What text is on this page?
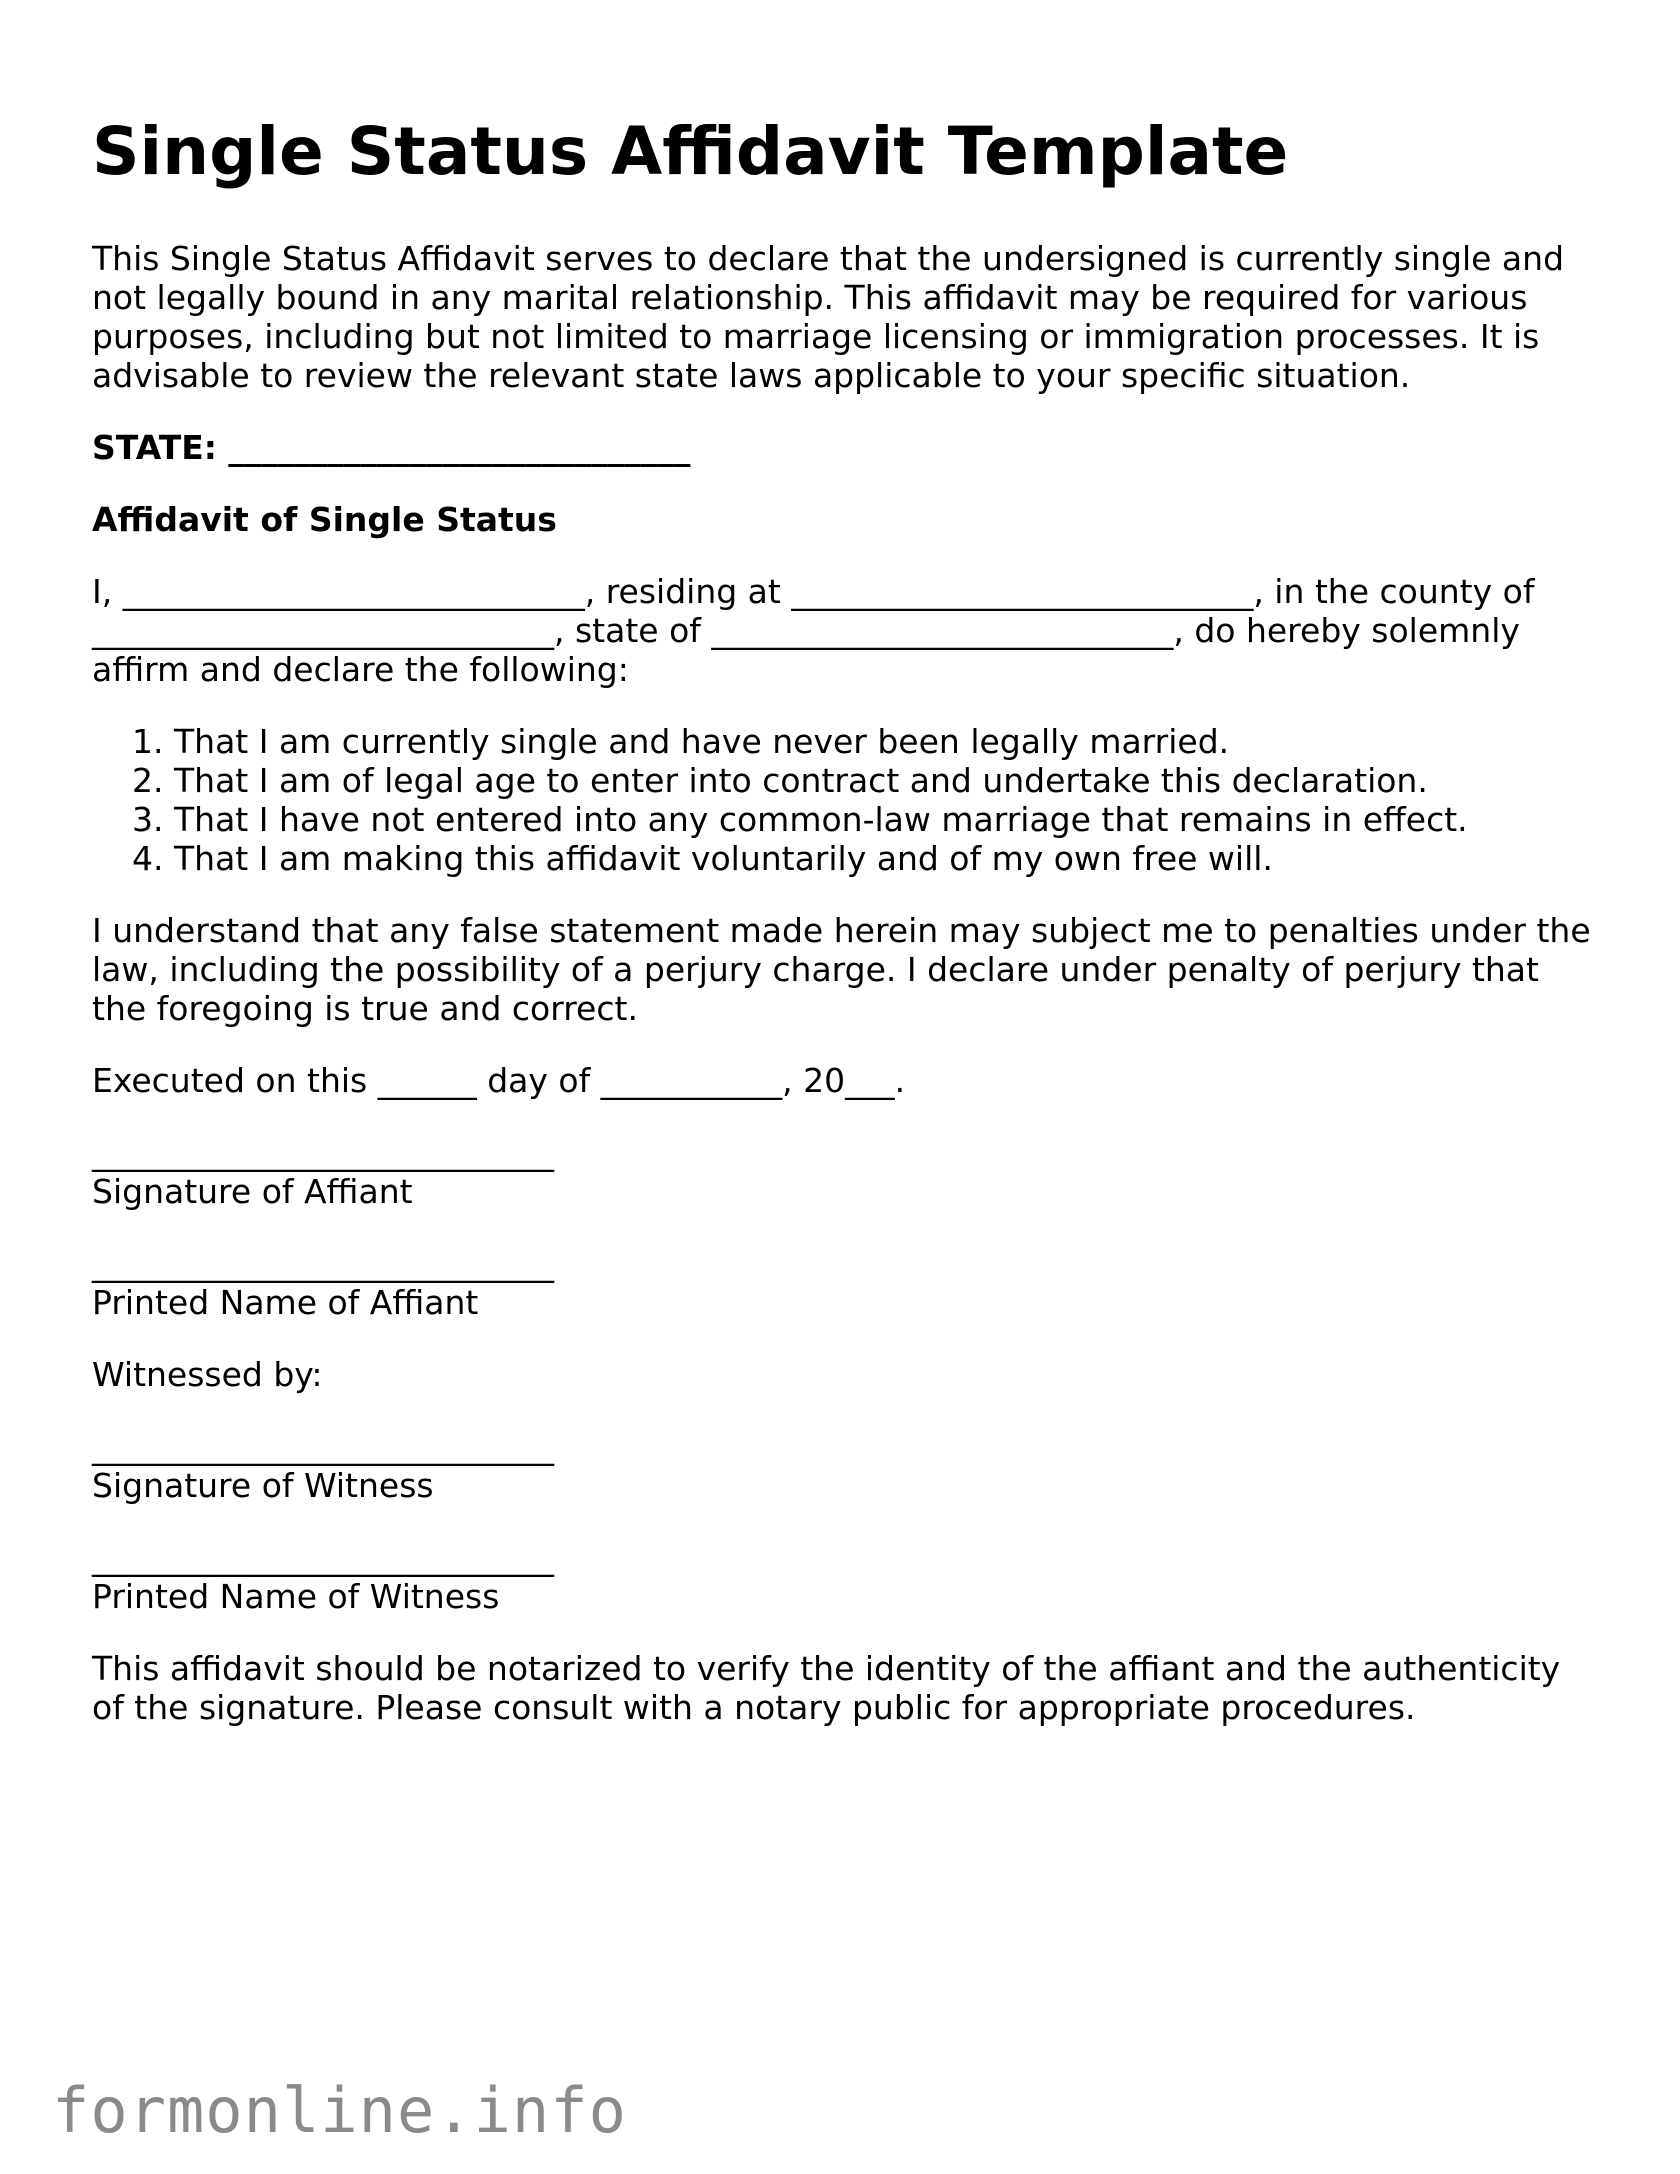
Single Status Affidavit Template

This Single Status Affidavit serves to declare that the undersigned is currently single and not legally bound in any marital relationship. This affidavit may be required for various purposes, including but not limited to marriage licensing or immigration processes. It is advisable to review the relevant state laws applicable to your specific situation.

STATE: ____________________________

Affidavit of Single Status

I, ____________________________, residing at ____________________________, in the county of ____________________________, state of ____________________________, do hereby solemnly affirm and declare the following:

1. That I am currently single and have never been legally married.
2. That I am of legal age to enter into contract and undertake this declaration.
3. That I have not entered into any common-law marriage that remains in effect.
4. That I am making this affidavit voluntarily and of my own free will.

I understand that any false statement made herein may subject me to penalties under the law, including the possibility of a perjury charge. I declare under penalty of perjury that the foregoing is true and correct.

Executed on this ______ day of ___________, 20___.

____________________________

Signature of Affiant

____________________________

Printed Name of Affiant

Witnessed by:

____________________________

Signature of Witness

____________________________

Printed Name of Witness

This affidavit should be notarized to verify the identity of the affiant and the authenticity of the signature. Please consult with a notary public for appropriate procedures.

formonline.info
